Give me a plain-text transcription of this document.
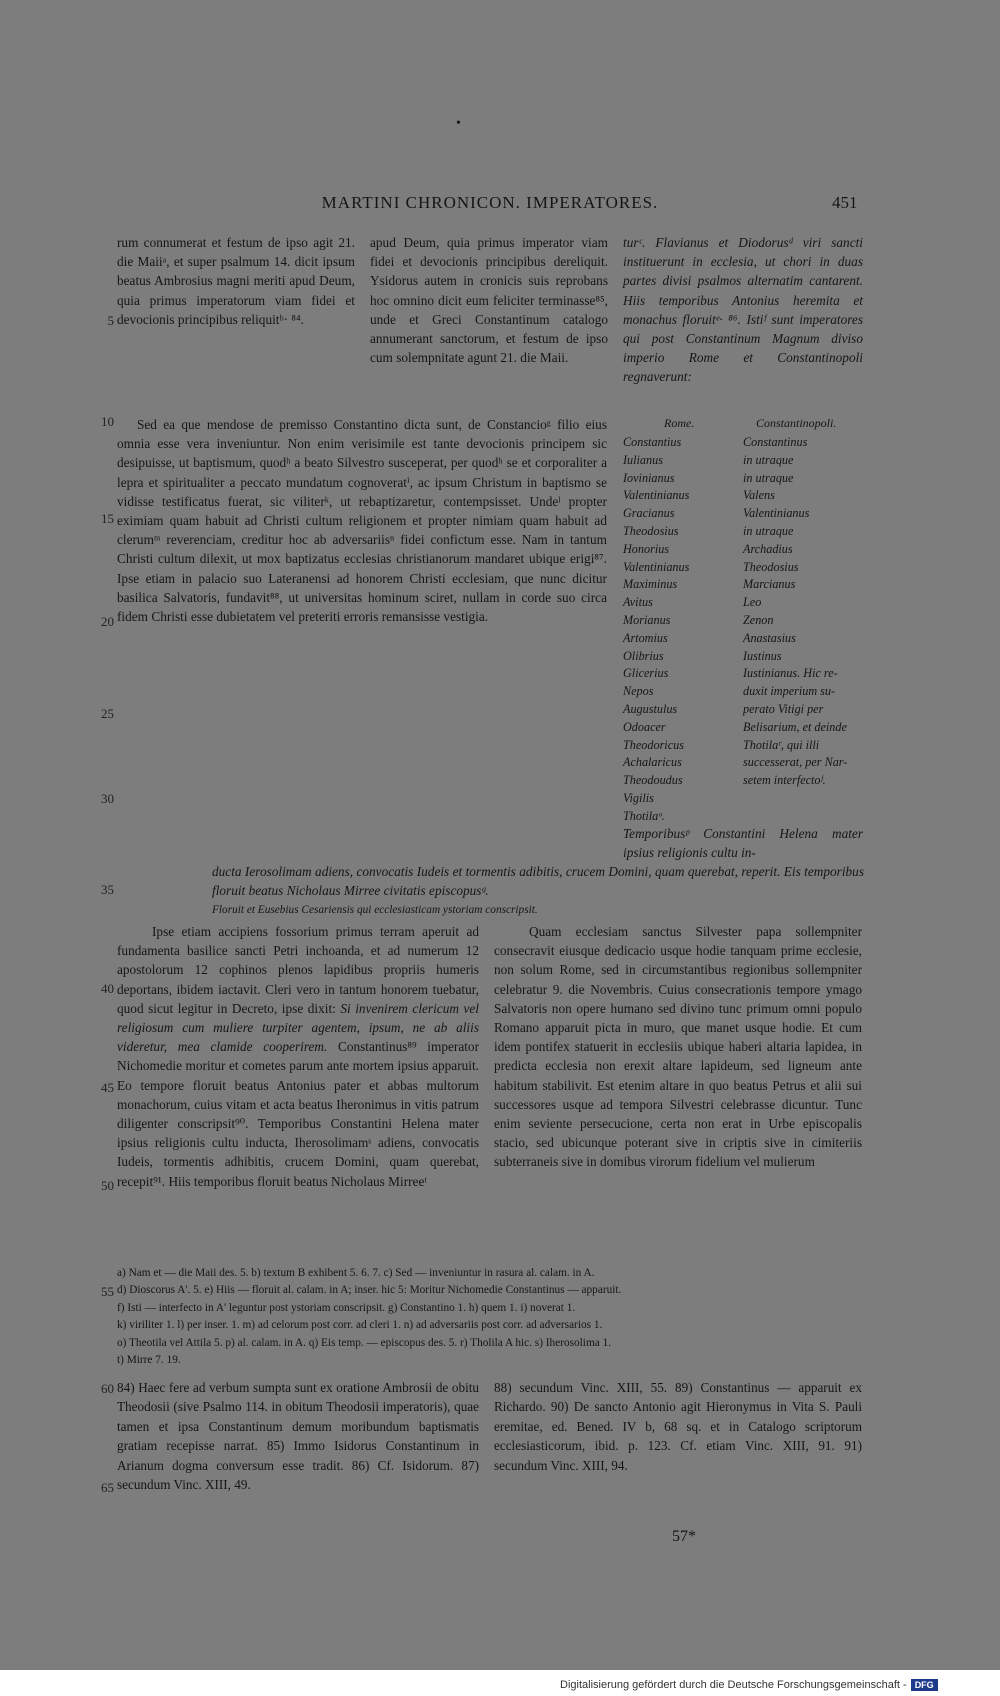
•
MARTINI CHRONICON. IMPERATORES.	451
5
10
15
20
25
30
35
40
45
50
55
60
65
rum connumerat et festum de ipso agit 21. die Maiiᵃ, et super psalmum 14. dicit ipsum beatus Ambrosius magni meriti apud Deum, quia primus imperatorum viam fidei et devocionis principibus reliquitᵇ· ⁸⁴.
apud Deum, quia primus imperator viam fidei et devocionis principibus dereliquit. Ysidorus autem in cronicis suis reprobans hoc omnino dicit eum feliciter terminasse⁸⁵, unde et Greci Constantinum catalogo annumerant sanctorum, et festum de ipso cum solempnitate agunt 21. die Maii.
turᶜ. Flavianus et Diodorusᵈ viri sancti instituerunt in ecclesia, ut chori in duas partes divisi psalmos alternatim cantarent. Hiis temporibus Antonius heremita et monachus floruitᵉ· ⁸⁶. Istiᶠ sunt imperatores qui post Constantinum Magnum diviso imperio Rome et Constantinopoli regnaverunt:
Sed ea que mendose de premisso Constantino dicta sunt, de Constancioᵍ filio eius omnia esse vera inveniuntur. Non enim verisimile est tante devocionis principem sic desipuisse, ut baptismum, quodʰ a beato Silvestro susceperat, per quodʰ se et corporaliter a lepra et spiritualiter a peccato mundatum cognoveratⁱ, ac ipsum Christum in baptismo se vidisse testificatus fuerat, sic viliterᵏ, ut rebaptizaretur, contempsisset. Undeˡ propter eximiam quam habuit ad Christi cultum religionem et propter nimiam quam habuit ad clerumᵐ reverenciam, creditur hoc ab adversariisⁿ fidei confictum esse. Nam in tantum Christi cultum dilexit, ut mox baptizatus ecclesias christianorum mandaret ubique erigi⁸⁷. Ipse etiam in palacio suo Lateranensi ad honorem Christi ecclesiam, que nunc dicitur basilica Salvatoris, fundavit⁸⁸, ut universitas hominum sciret, nullam in corde suo circa fidem Christi esse dubietatem vel preteriti erroris remansisse vestigia.
Rome.	Constantinopoli.
Constantius
Iulianus
Iovinianus
Valentinianus
Gracianus
Theodosius
Honorius
Valentinianus
Maximinus
Avitus
Morianus
Artomius
Olibrius
Glicerius
Nepos
Augustulus
Odoacer
Theodoricus
Achalaricus
Theodoudus
Vigilis
Thotilaᵒ.
Constantinus
in utraque
in utraque
Valens
Valentinianus
in utraque
Archadius
Theodosius
Marcianus
Leo
Zenon
Anastasius
Iustinus
Iustinianus. Hic re-
duxit imperium su-
perato Vitigi per
Belisarium, et deinde
Thotilaʳ, qui illi
successerat, per Nar-
setem interfectoᶠ.
Temporibusᵖ Constantini Helena mater ipsius religionis cultu in-
ducta Ierosolimam adiens, convocatis Iudeis et tormentis adibitis, crucem Domini, quam querebat, reperit. Eis temporibus floruit beatus Nicholaus Mirree civitatis episcopusᵍ.
Floruit et Eusebius Cesariensis qui ecclesiasticam ystoriam conscripsit.
Ipse etiam accipiens fossorium primus terram aperuit ad fundamenta basilice sancti Petri inchoanda, et ad numerum 12 apostolorum 12 cophinos plenos lapidibus propriis humeris deportans, ibidem iactavit. Cleri vero in tantum honorem tuebatur, quod sicut legitur in Decreto, ipse dixit: Si invenirem clericum vel religiosum cum muliere turpiter agentem, ipsum, ne ab aliis videretur, mea clamide cooperirem. Constantinus⁸⁹ imperator Nichomedie moritur et cometes parum ante mortem ipsius apparuit. Eo tempore floruit beatus Antonius pater et abbas multorum monachorum, cuius vitam et acta beatus Iheronimus in vitis patrum diligenter conscripsit⁹⁰. Temporibus Constantini Helena mater ipsius religionis cultu inducta, Iherosolimamˢ adiens, convocatis Iudeis, tormentis adhibitis, crucem Domini, quam querebat, recepit⁹¹. Hiis temporibus floruit beatus Nicholaus Mirreeᵗ
Quam ecclesiam sanctus Silvester papa sollempniter consecravit eiusque dedicacio usque hodie tanquam prime ecclesie, non solum Rome, sed in circumstantibus regionibus sollempniter celebratur 9. die Novembris. Cuius consecrationis tempore ymago Salvatoris non opere humano sed divino tunc primum omni populo Romano apparuit picta in muro, que manet usque hodie. Et cum idem pontifex statuerit in ecclesiis ubique haberi altaria lapidea, in predicta ecclesia non erexit altare lapideum, sed ligneum ante habitum stabilivit. Est etenim altare in quo beatus Petrus et alii sui successores usque ad tempora Silvestri celebrasse dicuntur. Tunc enim seviente persecucione, certa non erat in Urbe episcopalis stacio, sed ubicunque poterant sive in criptis sive in cimiteriis subterraneis sive in domibus virorum fidelium vel mulierum
a) Nam et — die Maii des. 5. b) textum B exhibent 5. 6. 7. c) Sed — inveniuntur in rasura al. calam. in A.
d) Dioscorus A'. 5. e) Hiis — floruit al. calam. in A; inser. hic 5: Moritur Nichomedie Constantinus — apparuit.
f) Isti — interfecto in A' leguntur post ystoriam conscripsit. g) Constantino 1. h) quem 1. i) noverat 1.
k) viriliter 1. l) per inser. 1. m) ad celorum post corr. ad cleri 1. n) ad adversariis post corr. ad adversarios 1.
o) Theotila vel Attila 5. p) al. calam. in A. q) Eis temp. — episcopus des. 5. r) Tholila A hic. s) Iherosolima 1.
t) Mirre 7. 19.
84) Haec fere ad verbum sumpta sunt ex oratione Ambrosii de obitu Theodosii (sive Psalmo 114. in obitum Theodosii imperatoris), quae tamen et ipsa Constantinum demum moribundum baptismatis gratiam recepisse narrat. 85) Immo Isidorus Constantinum in Arianum dogma conversum esse tradit. 86) Cf. Isidorum. 87) secundum Vinc. XIII, 49.
88) secundum Vinc. XIII, 55. 89) Constantinus — apparuit ex Richardo. 90) De sancto Antonio agit Hieronymus in Vita S. Pauli eremitae, ed. Bened. IV b, 68 sq. et in Catalogo scriptorum ecclesiasticorum, ibid. p. 123. Cf. etiam Vinc. XIII, 91. 91) secundum Vinc. XIII, 94.
57*
Digitalisierung gefördert durch die Deutsche Forschungsgemeinschaft - DFG
